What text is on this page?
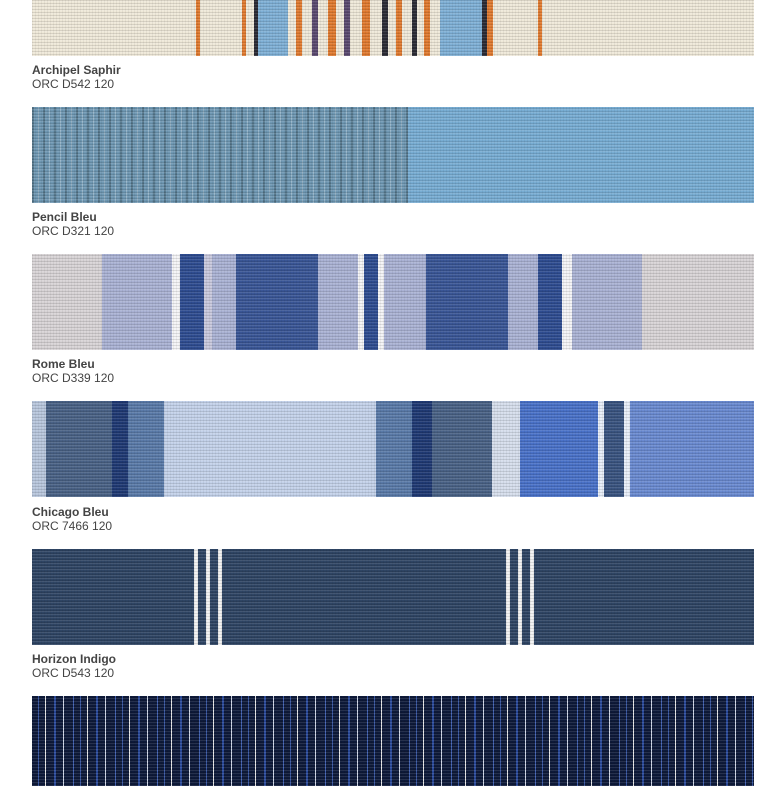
Archipel Saphir
ORC D542 120
Pencil Bleu
ORC D321 120
Rome Bleu
ORC D339 120
Chicago Bleu
ORC 7466 120
Horizon Indigo
ORC D543 120
